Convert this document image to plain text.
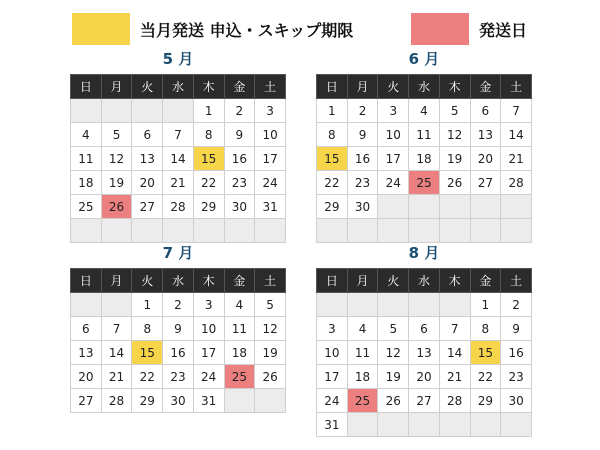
当月発送 申込・スキップ期限	発送日
5 月
日	月	火	水	木	金	土
				1	2	3
4	5	6	7	8	9	10
11	12	13	14	15	16	17
18	19	20	21	22	23	24
25	26	27	28	29	30	31

6 月
日	月	火	水	木	金	土
1	2	3	4	5	6	7
8	9	10	11	12	13	14
15	16	17	18	19	20	21
22	23	24	25	26	27	28
29	30					

7 月
日	月	火	水	木	金	土
		1	2	3	4	5
6	7	8	9	10	11	12
13	14	15	16	17	18	19
20	21	22	23	24	25	26
27	28	29	30	31		
8 月
日	月	火	水	木	金	土
					1	2
3	4	5	6	7	8	9
10	11	12	13	14	15	16
17	18	19	20	21	22	23
24	25	26	27	28	29	30
31						
